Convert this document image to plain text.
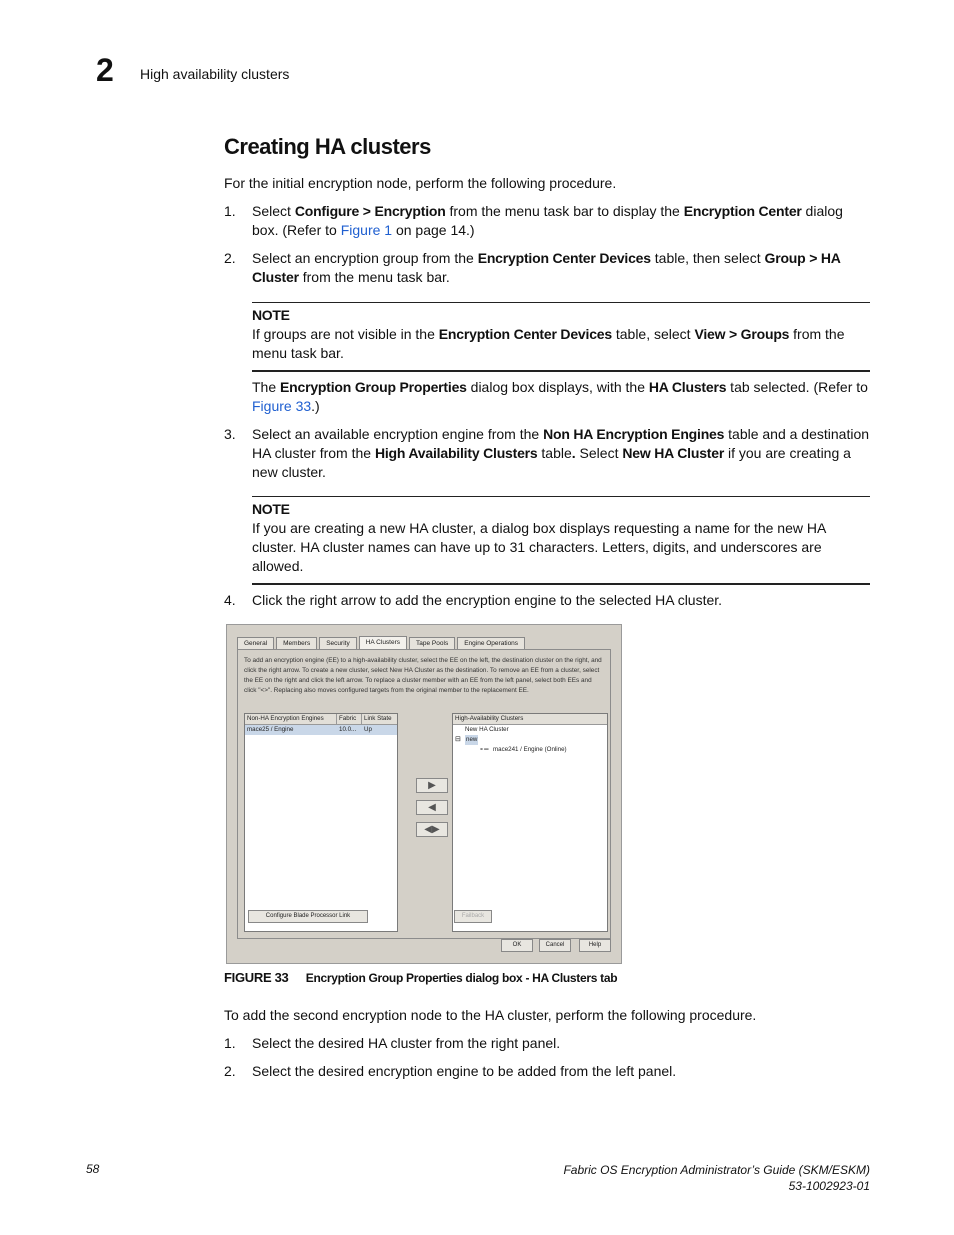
2 High availability clusters
Creating HA clusters
For the initial encryption node, perform the following procedure.
1. Select Configure > Encryption from the menu task bar to display the Encryption Center dialog box. (Refer to Figure 1 on page 14.)
2. Select an encryption group from the Encryption Center Devices table, then select Group > HA Cluster from the menu task bar.
NOTE
If groups are not visible in the Encryption Center Devices table, select View > Groups from the menu task bar.
The Encryption Group Properties dialog box displays, with the HA Clusters tab selected. (Refer to Figure 33.)
3. Select an available encryption engine from the Non HA Encryption Engines table and a destination HA cluster from the High Availability Clusters table. Select New HA Cluster if you are creating a new cluster.
NOTE
If you are creating a new HA cluster, a dialog box displays requesting a name for the new HA cluster. HA cluster names can have up to 31 characters. Letters, digits, and underscores are allowed.
4. Click the right arrow to add the encryption engine to the selected HA cluster.
General	Members	Security	HA Clusters	Tape Pools	Engine Operations
To add an encryption engine (EE) to a high-availability cluster, select the EE on the left, the destination cluster on the right, and click the right arrow. To create a new cluster, select New HA Cluster as the destination. To remove an EE from a cluster, select the EE on the right and click the left arrow. To replace a cluster member with an EE from the left panel, select both EEs and click "<>". Replacing also moves configured targets from the original member to the replacement EE.
Non-HA Encryption Engines	Fabric	Link State
mace25 / Engine	10.0...	Up
Configure Blade Processor Link
▶
◀
◀▶
High-Availability Clusters
New HA Cluster
⊟ new
⚬═ mace241 / Engine (Online)
Failback
OK	Cancel	Help
FIGURE 33 Encryption Group Properties dialog box - HA Clusters tab
To add the second encryption node to the HA cluster, perform the following procedure.
1. Select the desired HA cluster from the right panel.
2. Select the desired encryption engine to be added from the left panel.
58	Fabric OS Encryption Administrator’s Guide (SKM/ESKM)
53-1002923-01
